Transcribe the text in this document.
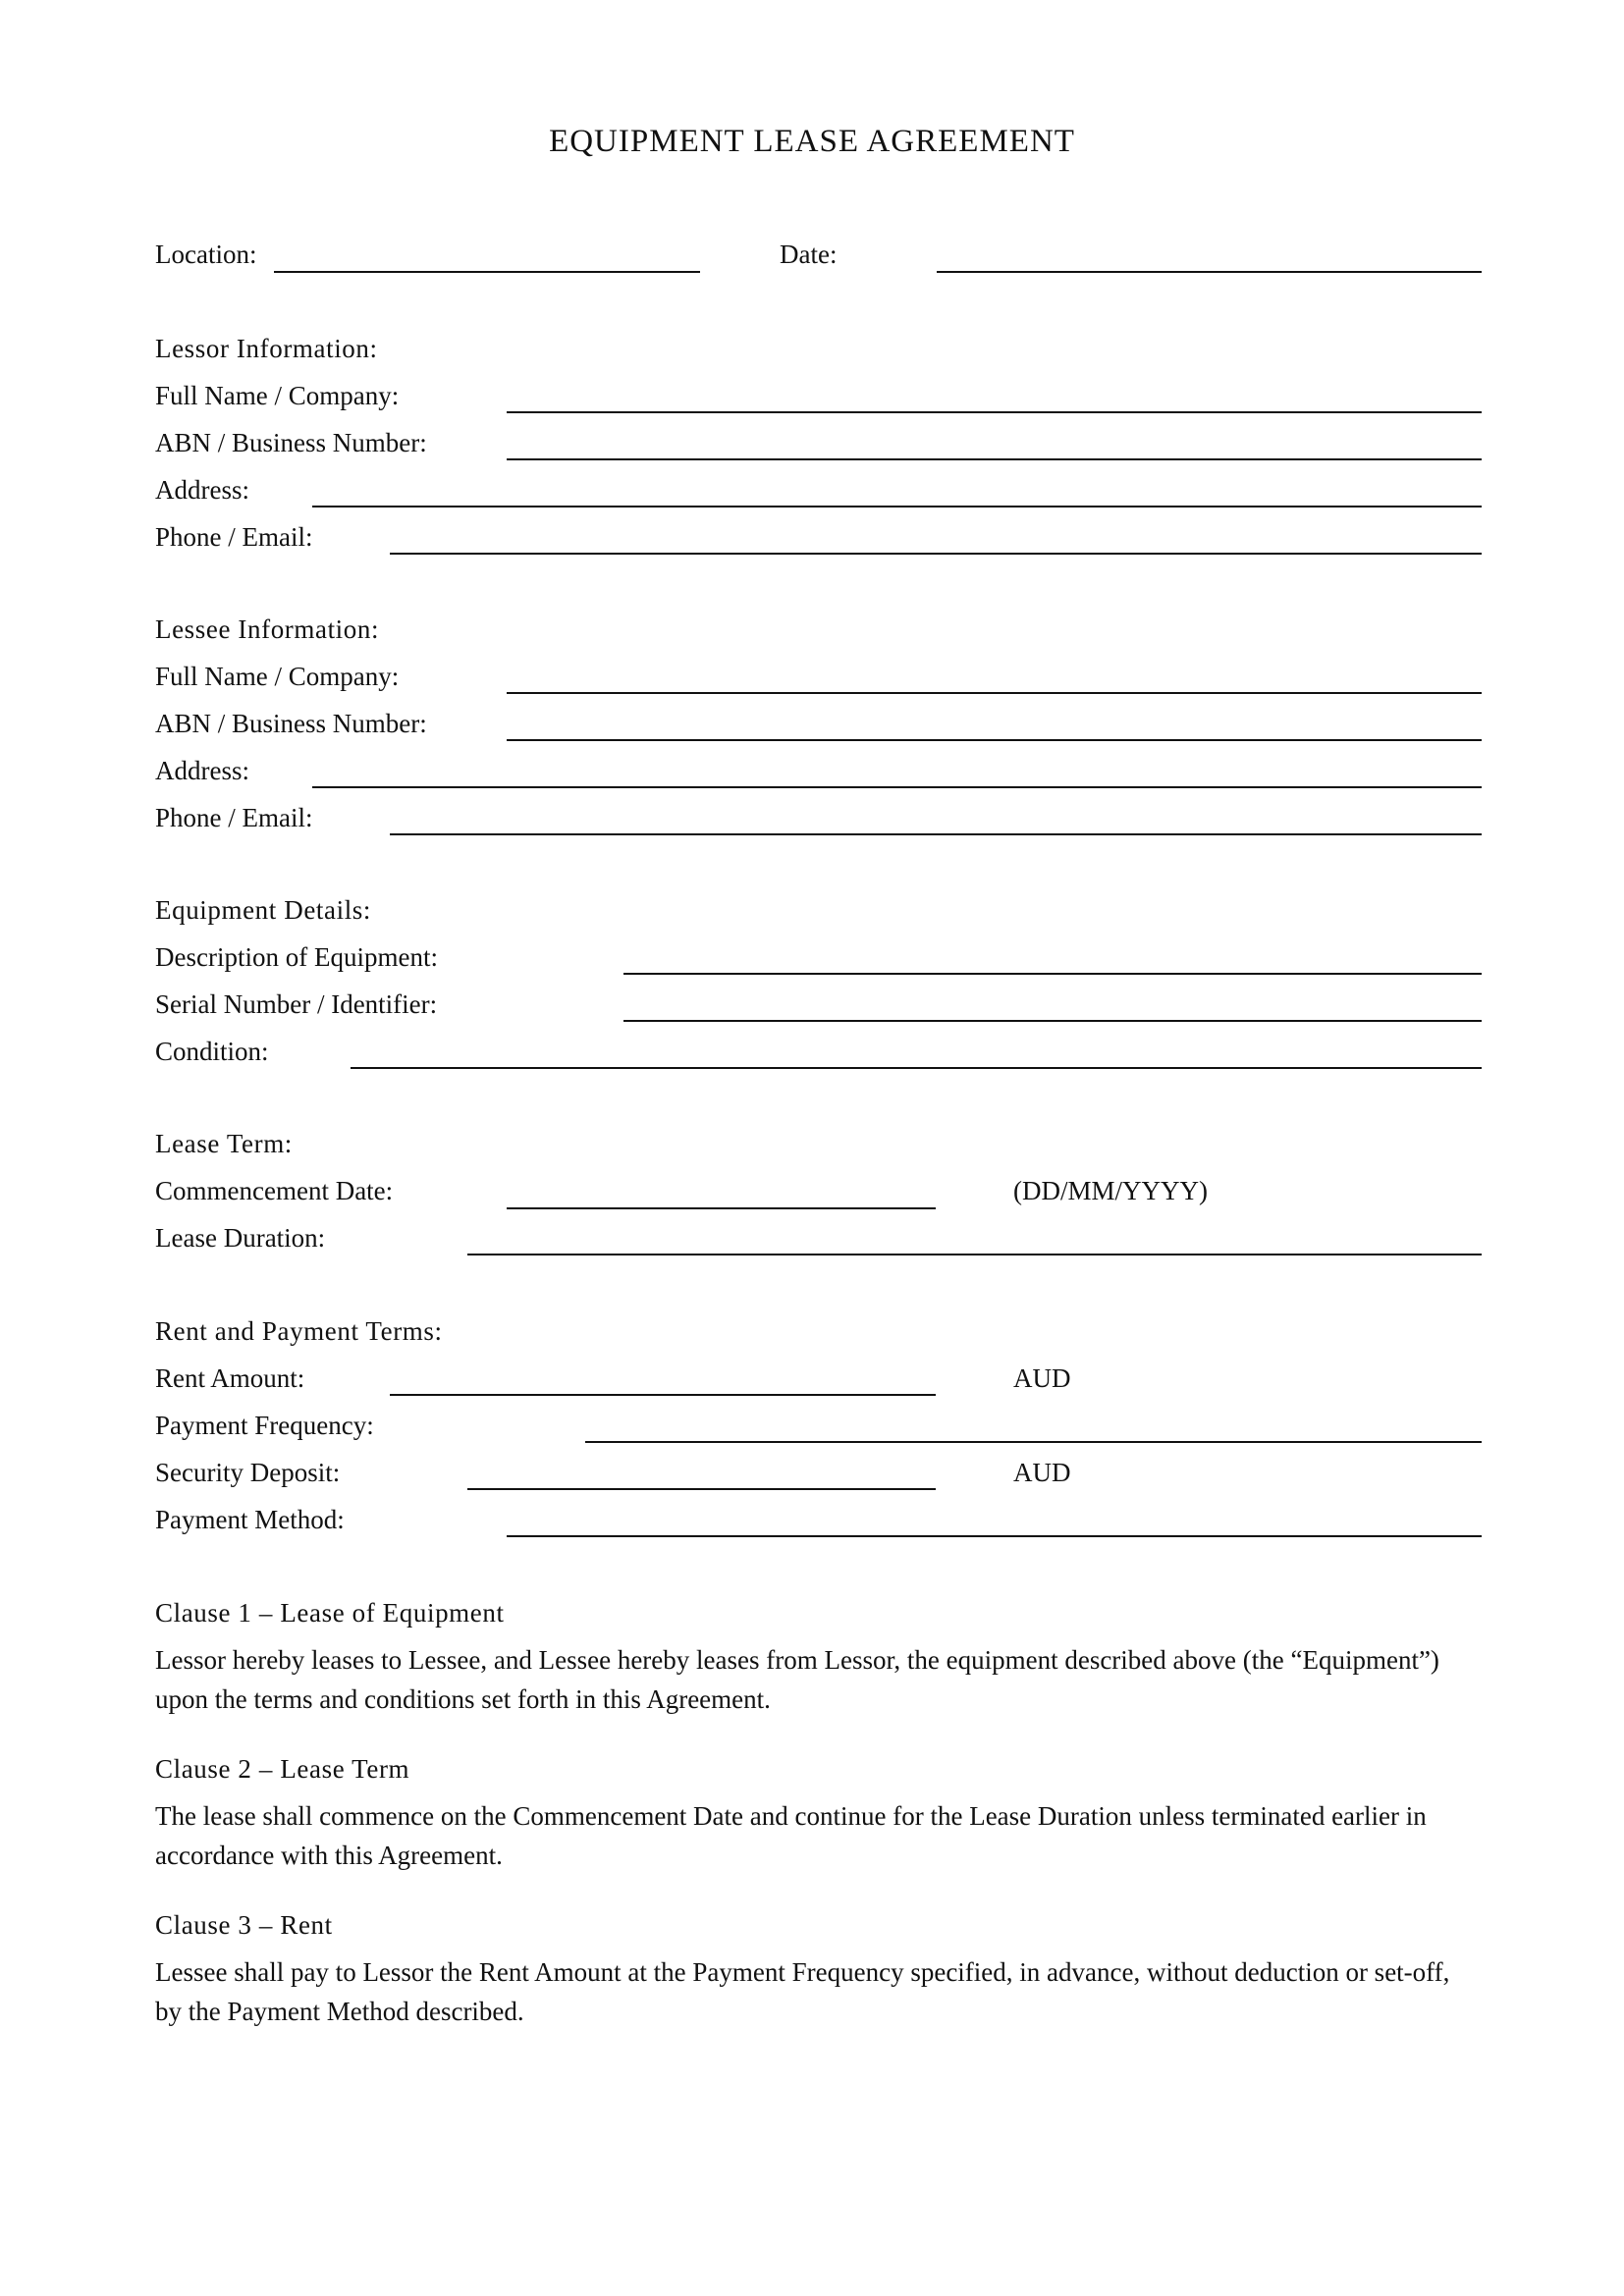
EQUIPMENT LEASE AGREEMENT
Location:	Date:
Lessor Information:
Full Name / Company:
ABN / Business Number:
Address:
Phone / Email:
Lessee Information:
Full Name / Company:
ABN / Business Number:
Address:
Phone / Email:
Equipment Details:
Description of Equipment:
Serial Number / Identifier:
Condition:
Lease Term:
Commencement Date:	(DD/MM/YYYY)
Lease Duration:
Rent and Payment Terms:
Rent Amount:	AUD
Payment Frequency:
Security Deposit:	AUD
Payment Method:
Clause 1 – Lease of Equipment
Lessor hereby leases to Lessee, and Lessee hereby leases from Lessor, the equipment described above (the “Equipment”) upon the terms and conditions set forth in this Agreement.
Clause 2 – Lease Term
The lease shall commence on the Commencement Date and continue for the Lease Duration unless terminated earlier in accordance with this Agreement.
Clause 3 – Rent
Lessee shall pay to Lessor the Rent Amount at the Payment Frequency specified, in advance, without deduction or set-off, by the Payment Method described.
